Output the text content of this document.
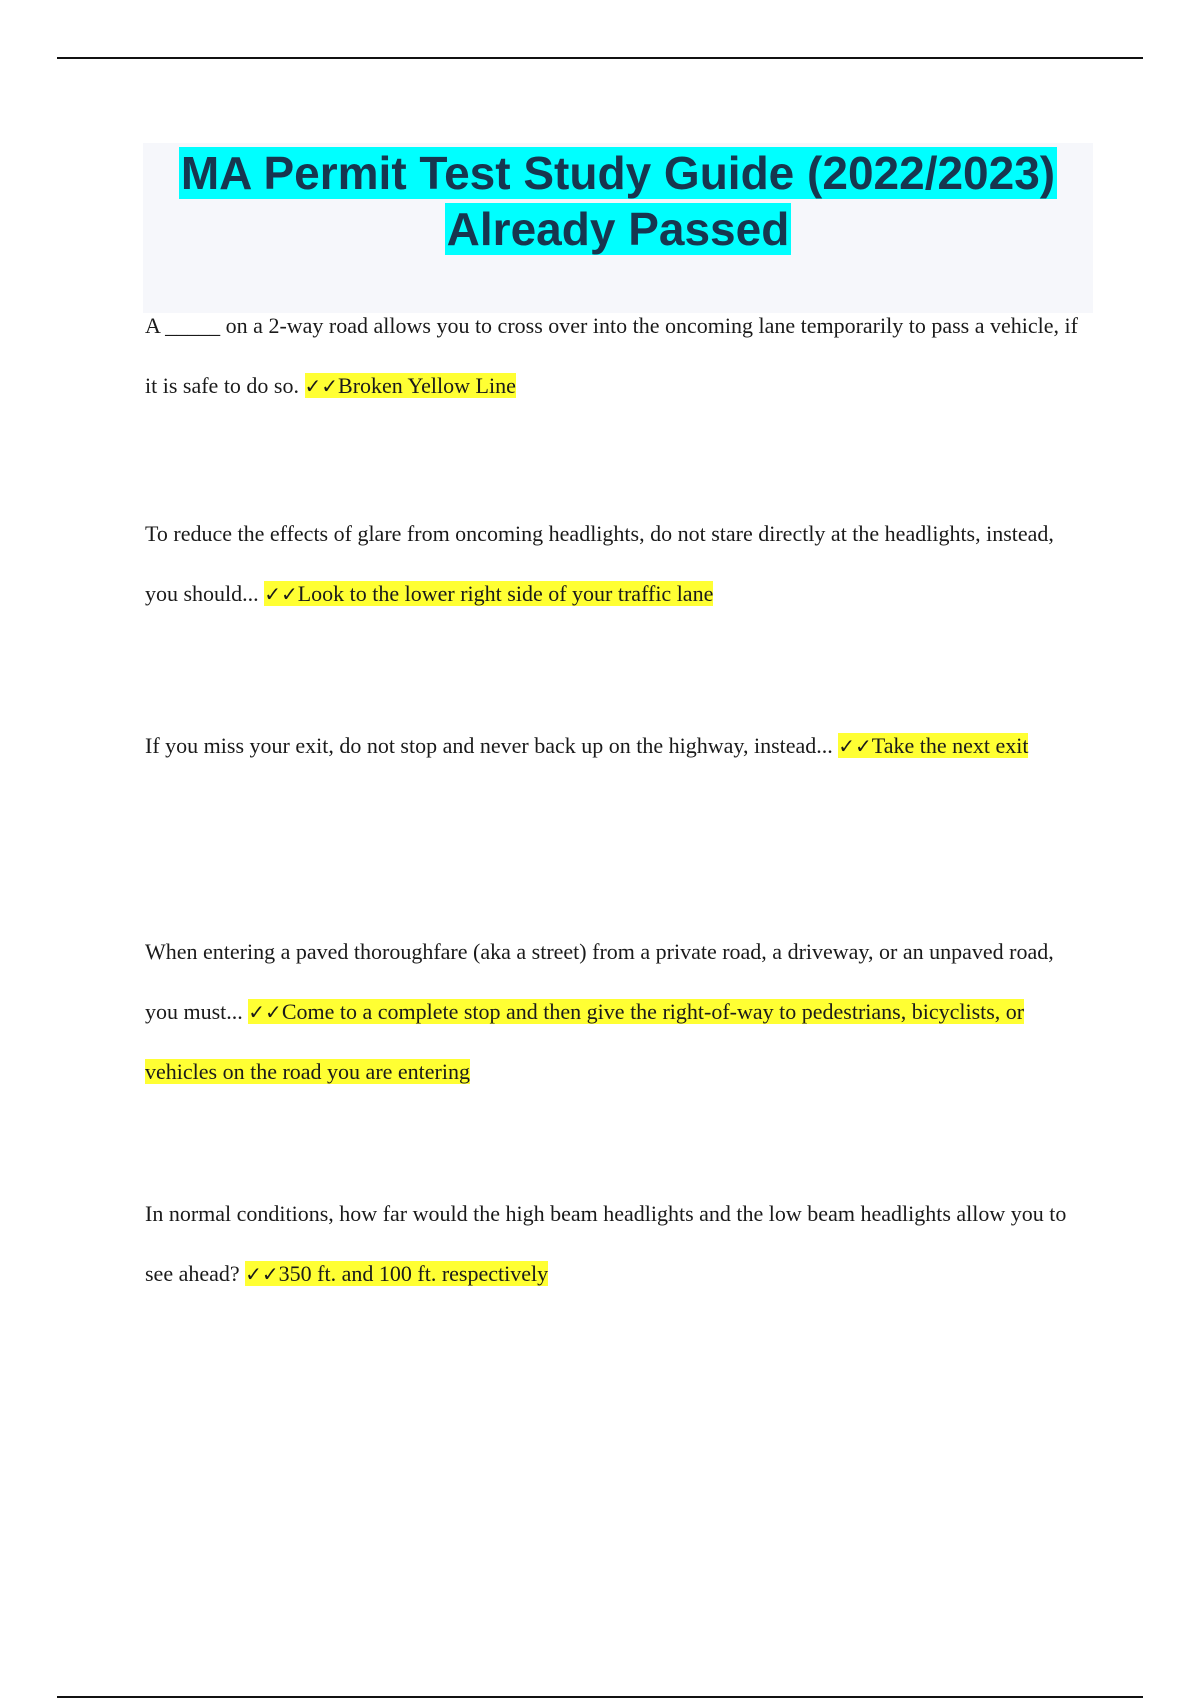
MA Permit Test Study Guide (2022/2023)
Already Passed

A _____ on a 2-way road allows you to cross over into the oncoming lane temporarily to pass a vehicle, if it is safe to do so. ✓✓Broken Yellow Line

To reduce the effects of glare from oncoming headlights, do not stare directly at the headlights, instead, you should... ✓✓Look to the lower right side of your traffic lane

If you miss your exit, do not stop and never back up on the highway, instead... ✓✓Take the next exit

When entering a paved thoroughfare (aka a street) from a private road, a driveway, or an unpaved road, you must... ✓✓Come to a complete stop and then give the right-of-way to pedestrians, bicyclists, or vehicles on the road you are entering

In normal conditions, how far would the high beam headlights and the low beam headlights allow you to see ahead? ✓✓350 ft. and 100 ft. respectively
